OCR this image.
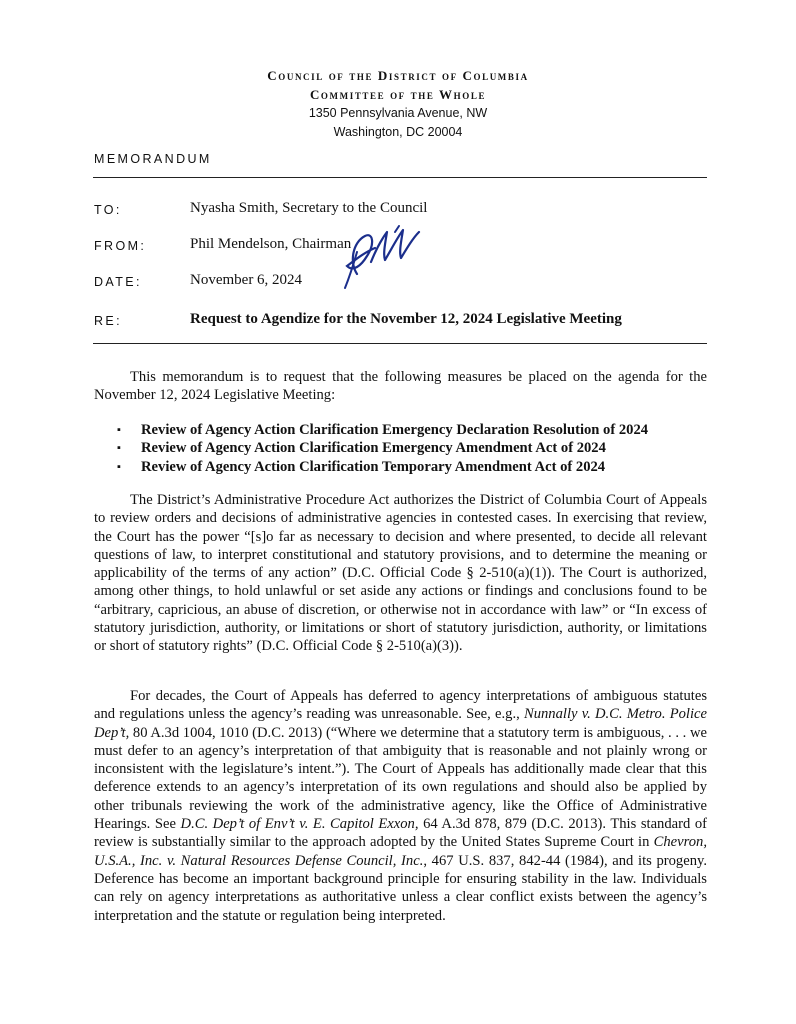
Council of the District of Columbia
Committee of the Whole
1350 Pennsylvania Avenue, NW
Washington, DC 20004
MEMORANDUM
TO:	Nyasha Smith, Secretary to the Council
FROM:	Phil Mendelson, Chairman
DATE:	November 6, 2024
RE:	Request to Agendize for the November 12, 2024 Legislative Meeting

This memorandum is to request that the following measures be placed on the agenda for the November 12, 2024 Legislative Meeting:

▪ Review of Agency Action Clarification Emergency Declaration Resolution of 2024
▪ Review of Agency Action Clarification Emergency Amendment Act of 2024
▪ Review of Agency Action Clarification Temporary Amendment Act of 2024

The District’s Administrative Procedure Act authorizes the District of Columbia Court of Appeals to review orders and decisions of administrative agencies in contested cases. In exercising that review, the Court has the power “[s]o far as necessary to decision and where presented, to decide all relevant questions of law, to interpret constitutional and statutory provisions, and to determine the meaning or applicability of the terms of any action” (D.C. Official Code § 2-510(a)(1)). The Court is authorized, among other things, to hold unlawful or set aside any actions or findings and conclusions found to be “arbitrary, capricious, an abuse of discretion, or otherwise not in accordance with law” or “In excess of statutory jurisdiction, authority, or limitations or short of statutory jurisdiction, authority, or limitations or short of statutory rights” (D.C. Official Code § 2-510(a)(3)).

For decades, the Court of Appeals has deferred to agency interpretations of ambiguous statutes and regulations unless the agency’s reading was unreasonable. See, e.g., Nunnally v. D.C. Metro. Police Dep’t, 80 A.3d 1004, 1010 (D.C. 2013) (“Where we determine that a statutory term is ambiguous, . . . we must defer to an agency’s interpretation of that ambiguity that is reasonable and not plainly wrong or inconsistent with the legislature’s intent.”). The Court of Appeals has additionally made clear that this deference extends to an agency’s interpretation of its own regulations and should also be applied by other tribunals reviewing the work of the administrative agency, like the Office of Administrative Hearings. See D.C. Dep’t of Env’t v. E. Capitol Exxon, 64 A.3d 878, 879 (D.C. 2013). This standard of review is substantially similar to the approach adopted by the United States Supreme Court in Chevron, U.S.A., Inc. v. Natural Resources Defense Council, Inc., 467 U.S. 837, 842-44 (1984), and its progeny. Deference has become an important background principle for ensuring stability in the law. Individuals can rely on agency interpretations as authoritative unless a clear conflict exists between the agency’s interpretation and the statute or regulation being interpreted.
